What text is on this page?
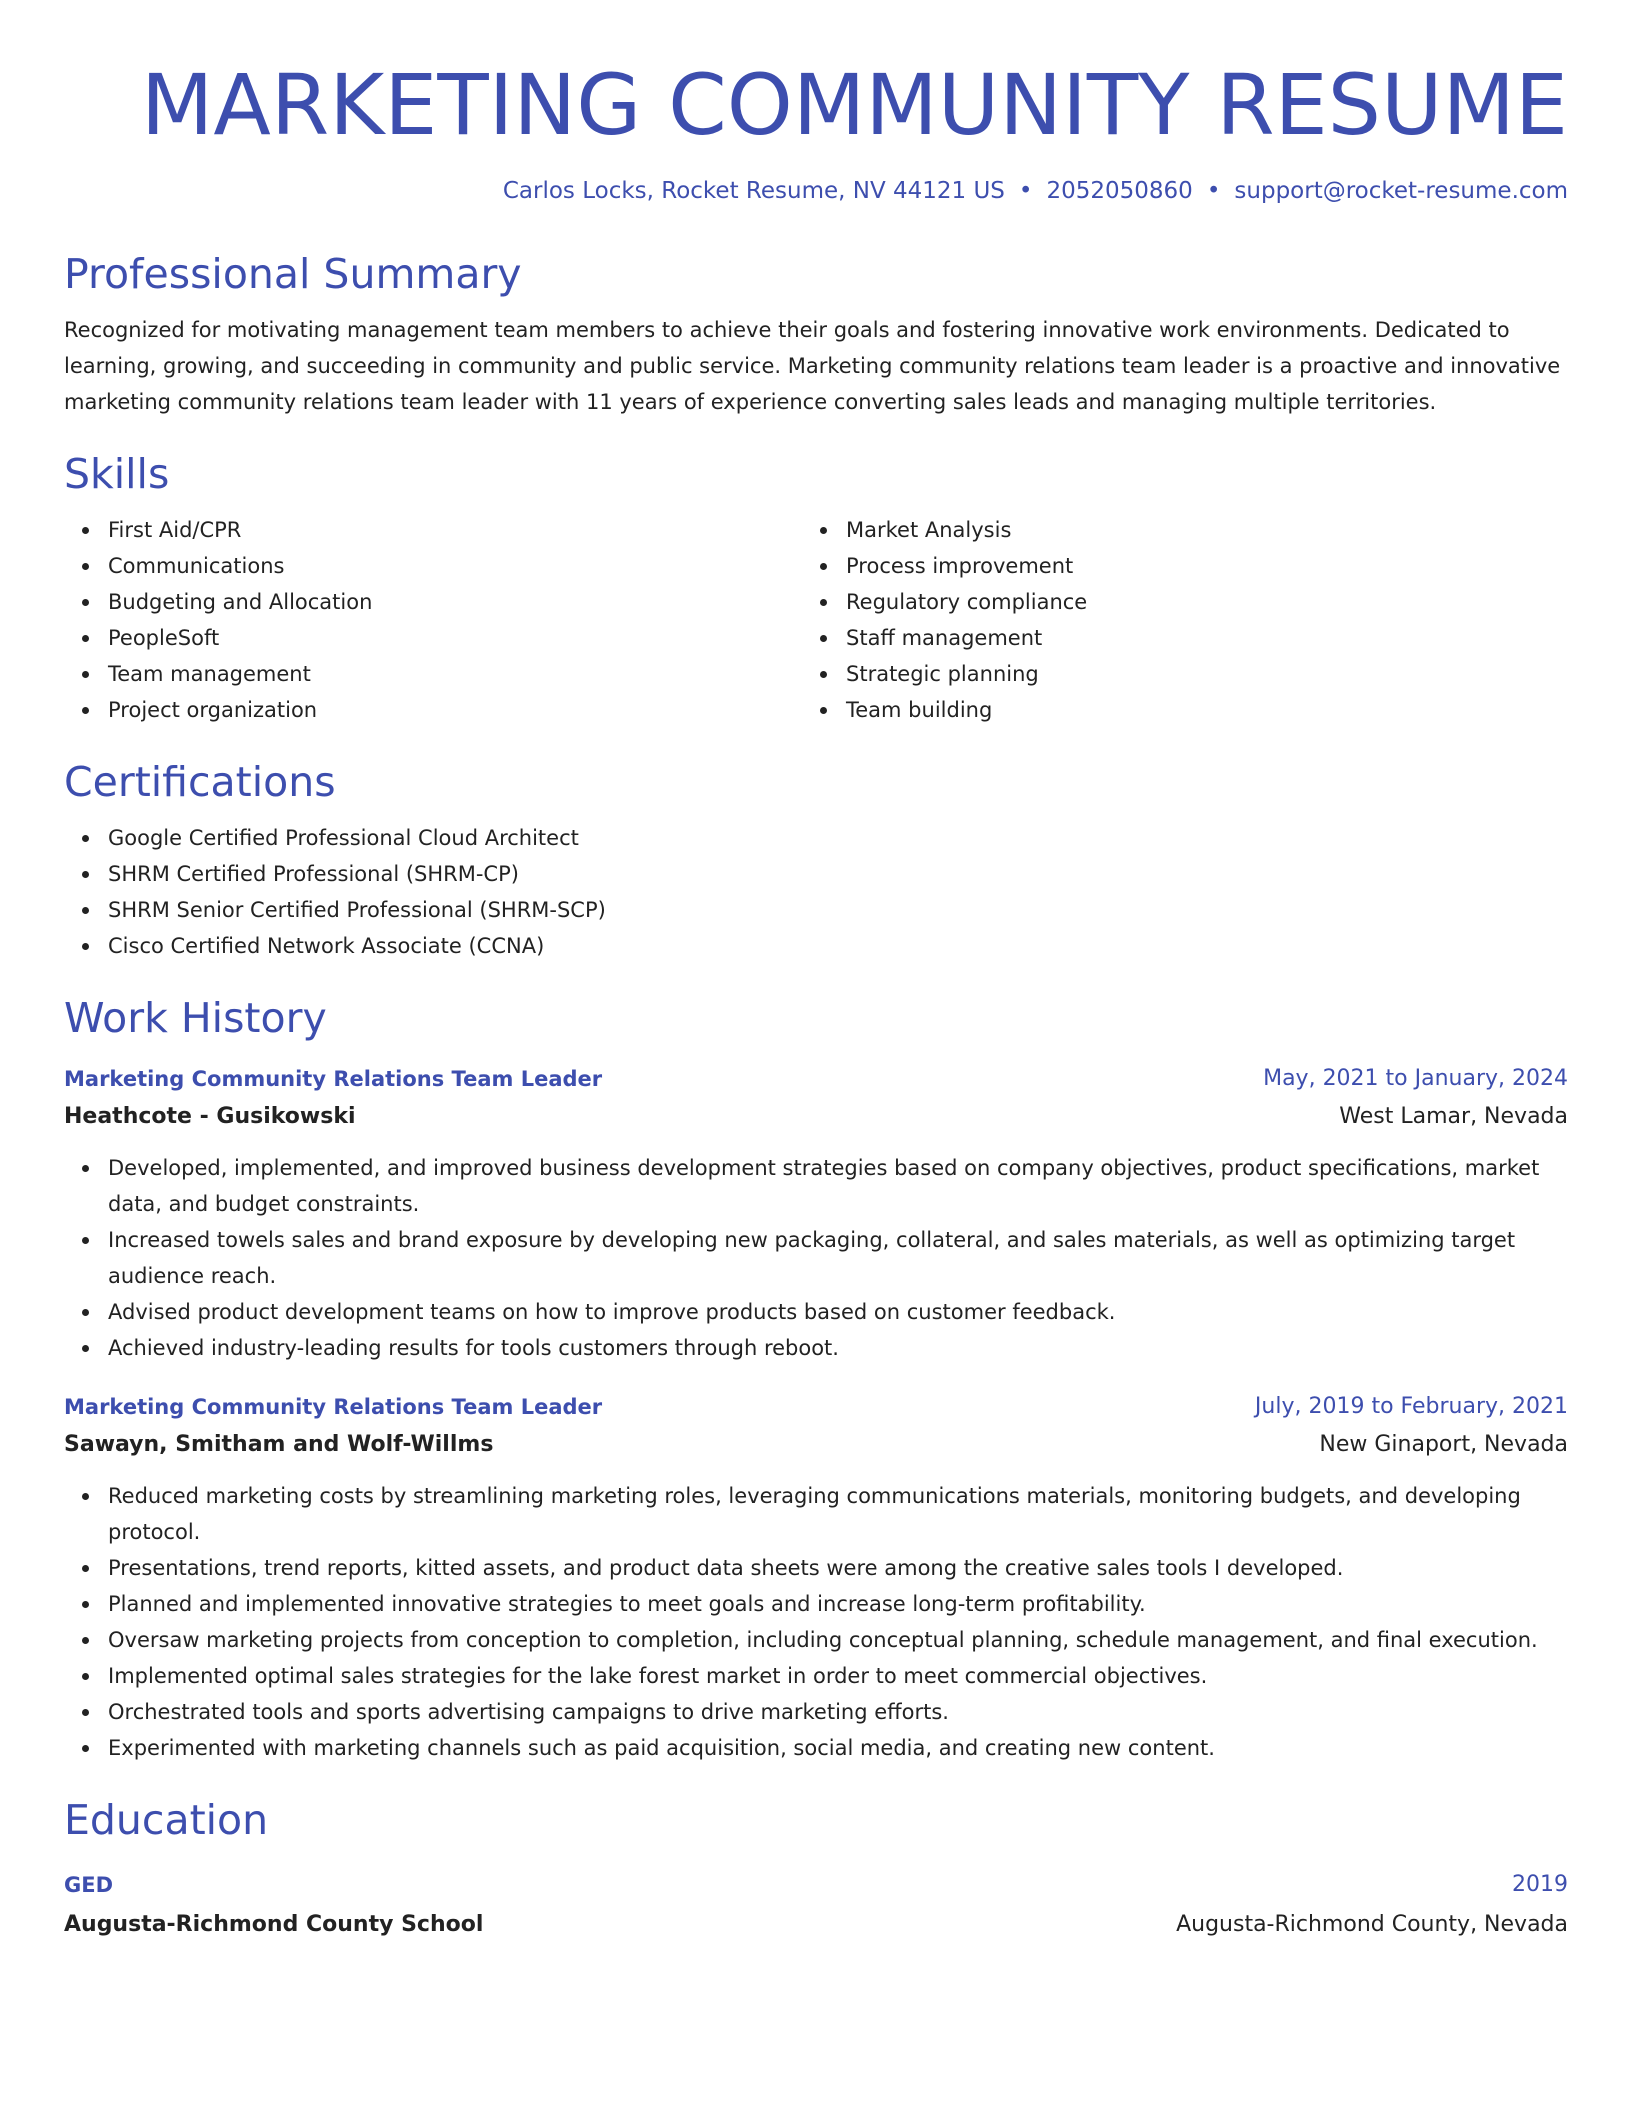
MARKETING COMMUNITY RESUME
Carlos Locks, Rocket Resume, NV 44121 US • 2052050860 • support@rocket-resume.com
Professional Summary

Recognized for motivating management team members to achieve their goals and fostering innovative work environments. Dedicated to learning, growing, and succeeding in community and public service. Marketing community relations team leader is a proactive and innovative marketing community relations team leader with 11 years of experience converting sales leads and managing multiple territories.

Skills
First Aid/CPR
Communications
Budgeting and Allocation
PeopleSoft
Team management
Project organization
Market Analysis
Process improvement
Regulatory compliance
Staff management
Strategic planning
Team building
Certifications
Google Certified Professional Cloud Architect
SHRM Certified Professional (SHRM-CP)
SHRM Senior Certified Professional (SHRM-SCP)
Cisco Certified Network Associate (CCNA)
Work History
Marketing Community Relations Team Leader	May, 2021 to January, 2024
Heathcote - Gusikowski	West Lamar, Nevada
Developed, implemented, and improved business development strategies based on company objectives, product specifications, market data, and budget constraints.
Increased towels sales and brand exposure by developing new packaging, collateral, and sales materials, as well as optimizing target audience reach.
Advised product development teams on how to improve products based on customer feedback.
Achieved industry-leading results for tools customers through reboot.
Marketing Community Relations Team Leader	July, 2019 to February, 2021
Sawayn, Smitham and Wolf-Willms	New Ginaport, Nevada
Reduced marketing costs by streamlining marketing roles, leveraging communications materials, monitoring budgets, and developing protocol.
Presentations, trend reports, kitted assets, and product data sheets were among the creative sales tools I developed.
Planned and implemented innovative strategies to meet goals and increase long-term profitability.
Oversaw marketing projects from conception to completion, including conceptual planning, schedule management, and final execution.
Implemented optimal sales strategies for the lake forest market in order to meet commercial objectives.
Orchestrated tools and sports advertising campaigns to drive marketing efforts.
Experimented with marketing channels such as paid acquisition, social media, and creating new content.
Education
GED	2019
Augusta-Richmond County School	Augusta-Richmond County, Nevada
